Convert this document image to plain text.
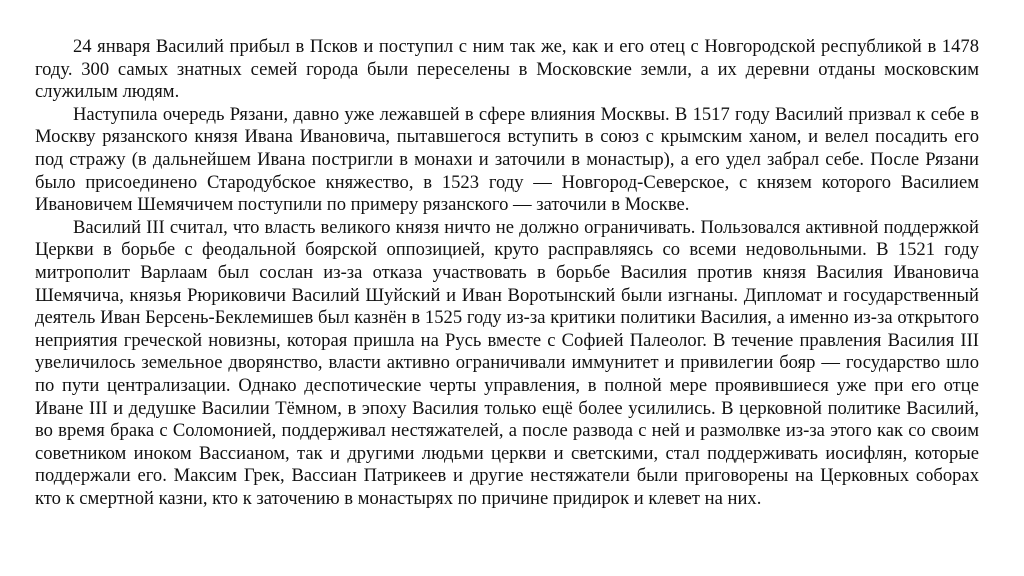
24 января Василий прибыл в Псков и поступил с ним так же, как и его отец с Новгородской республикой в 1478 году. 300 самых знатных семей города были переселены в Московские земли, а их деревни отданы московским служилым людям.

Наступила очередь Рязани, давно уже лежавшей в сфере влияния Москвы. В 1517 году Василий призвал к себе в Москву рязанского князя Ивана Ивановича, пытавшегося вступить в союз с крымским ханом, и велел посадить его под стражу (в дальнейшем Ивана постригли в монахи и заточили в монастыр), а его удел забрал себе. После Рязани было присоединено Стародубское княжество, в 1523 году — Новгород-Северское, с князем которого Василием Ивановичем Шемячичем поступили по примеру рязанского — заточили в Москве.

Василий III считал, что власть великого князя ничто не должно ограничивать. Пользовался активной поддержкой Церкви в борьбе с феодальной боярской оппозицией, круто расправляясь со всеми недовольными. В 1521 году митрополит Варлаам был сослан из-за отказа участвовать в борьбе Василия против князя Василия Ивановича Шемячича, князья Рюриковичи Василий Шуйский и Иван Воротынский были изгнаны. Дипломат и государственный деятель Иван Берсень-Беклемишев был казнён в 1525 году из-за критики политики Василия, а именно из-за открытого неприятия греческой новизны, которая пришла на Русь вместе с Софией Палеолог. В течение правления Василия III увеличилось земельное дворянство, власти активно ограничивали иммунитет и привилегии бояр — государство шло по пути централизации. Однако деспотические черты управления, в полной мере проявившиеся уже при его отце Иване III и дедушке Василии Тёмном, в эпоху Василия только ещё более усилились. В церковной политике Василий, во время брака с Соломонией, поддерживал нестяжателей, а после развода с ней и размолвке из-за этого как со своим советником иноком Вассианом, так и другими людьми церкви и светскими, стал поддерживать иосифлян, которые поддержали его. Максим Грек, Вассиан Патрикеев и другие нестяжатели были приговорены на Церковных соборах кто к смертной казни, кто к заточению в монастырях по причине придирок и клевет на них.
